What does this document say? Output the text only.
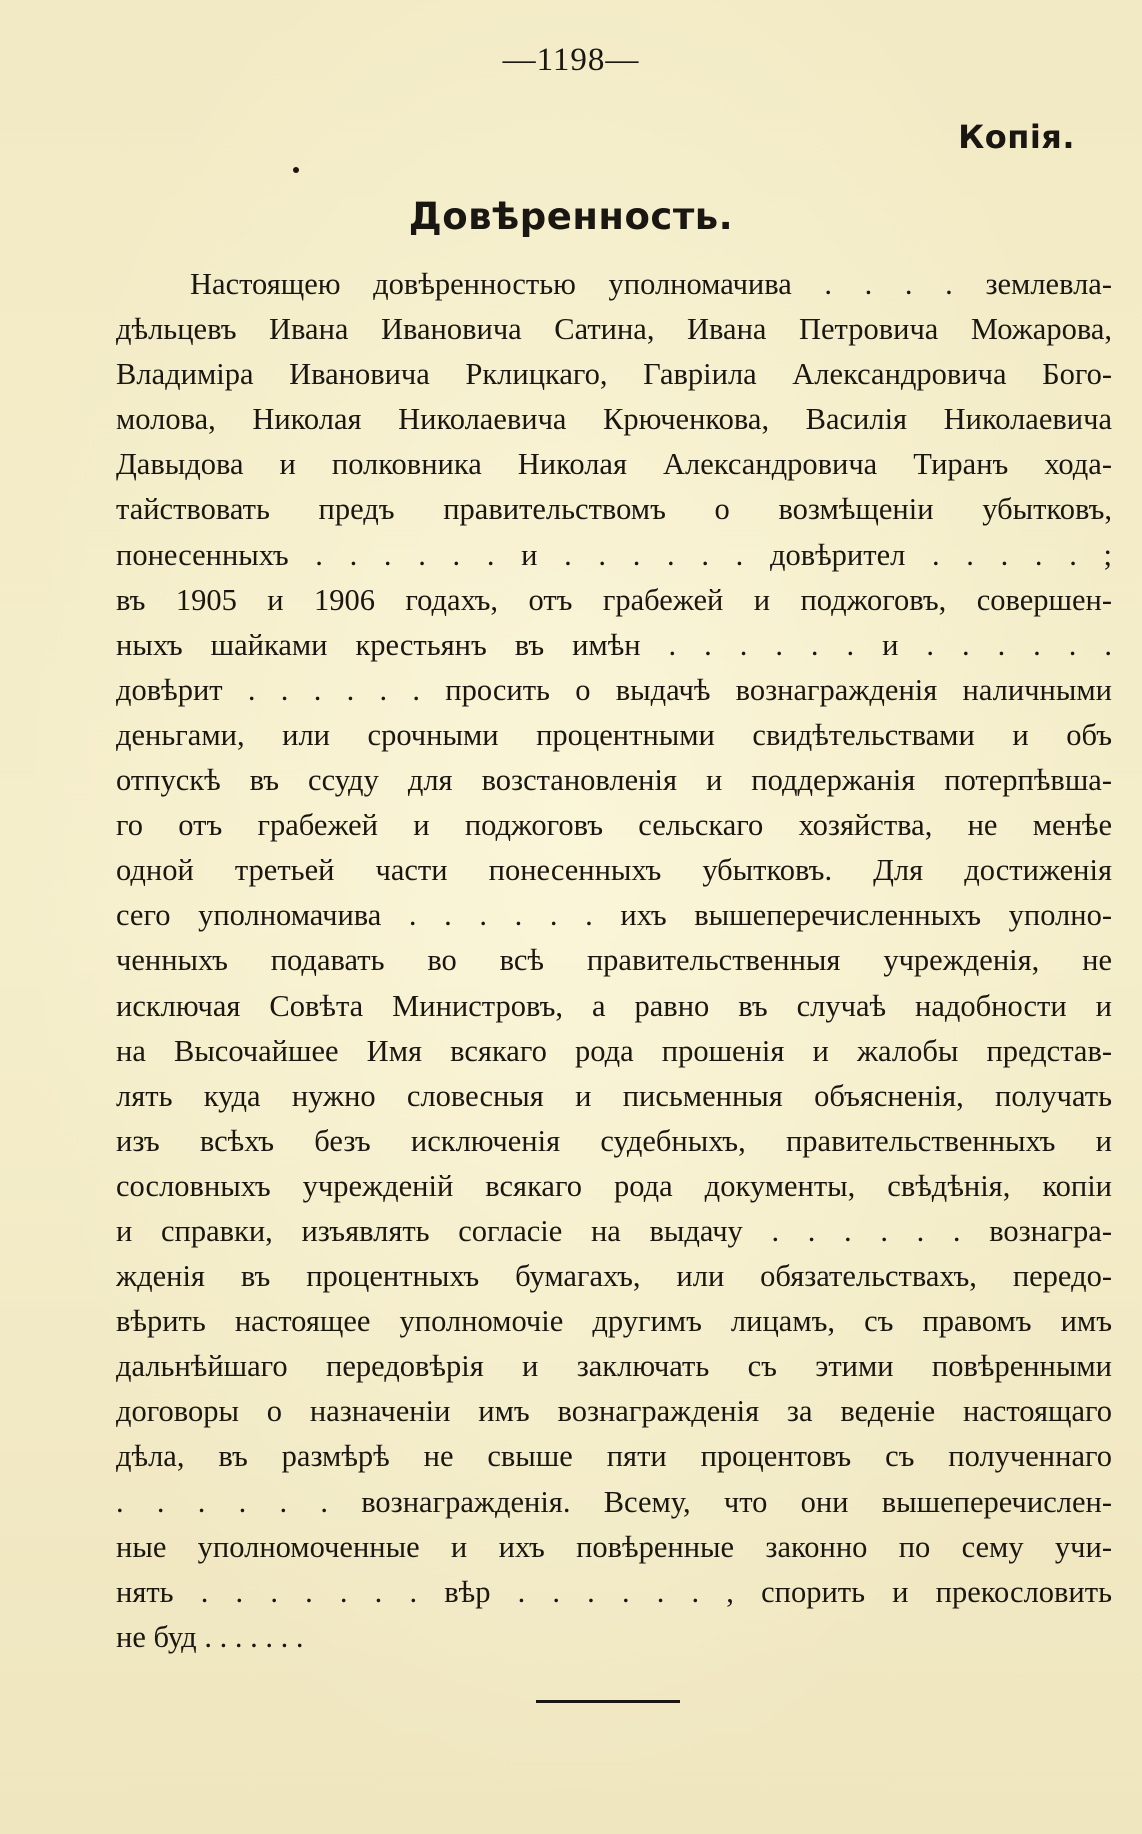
—1198—
Копія.
Довѣренность.
Настоящею довѣренностью уполномачива . . . . землевла-
дѣльцевъ Ивана Ивановича Сатина, Ивана Петровича Можарова,
Владиміра Ивановича Рклицкаго, Гавріила Александровича Бого-
молова, Николая Николаевича Крюченкова, Василія Николаевича
Давыдова и полковника Николая Александровича Тиранъ хода-
тайствовать предъ правительствомъ о возмѣщеніи убытковъ,
понесенныхъ . . . . . . и . . . . . . довѣрител . . . . . ;
въ 1905 и 1906 годахъ, отъ грабежей и поджоговъ, совершен-
ныхъ шайками крестьянъ въ имѣн . . . . . . и . . . . . .
довѣрит . . . . . . просить о выдачѣ вознагражденія наличными
деньгами, или срочными процентными свидѣтельствами и объ
отпускѣ въ ссуду для возстановленія и поддержанія потерпѣвша-
го отъ грабежей и поджоговъ сельскаго хозяйства, не менѣе
одной третьей части понесенныхъ убытковъ. Для достиженія
сего уполномачива . . . . . . ихъ вышеперечисленныхъ уполно-
ченныхъ подавать во всѣ правительственныя учрежденія, не
исключая Совѣта Министровъ, а равно въ случаѣ надобности и
на Высочайшее Имя всякаго рода прошенія и жалобы представ-
лять куда нужно словесныя и письменныя объясненія, получать
изъ всѣхъ безъ исключенія судебныхъ, правительственныхъ и
сословныхъ учрежденій всякаго рода документы, свѣдѣнія, копіи
и справки, изъявлять согласіе на выдачу . . . . . . вознагра-
жденія въ процентныхъ бумагахъ, или обязательствахъ, передо-
вѣрить настоящее уполномочіе другимъ лицамъ, съ правомъ имъ
дальнѣйшаго передовѣрія и заключать съ этими повѣренными
договоры о назначеніи имъ вознагражденія за веденіе настоящаго
дѣла, въ размѣрѣ не свыше пяти процентовъ съ полученнаго
. . . . . . вознагражденія. Всему, что они вышеперечислен-
ные уполномоченные и ихъ повѣренные законно по сему учи-
нять . . . . . . . вѣр . . . . . . , спорить и прекословить
не буд . . . . . . .
